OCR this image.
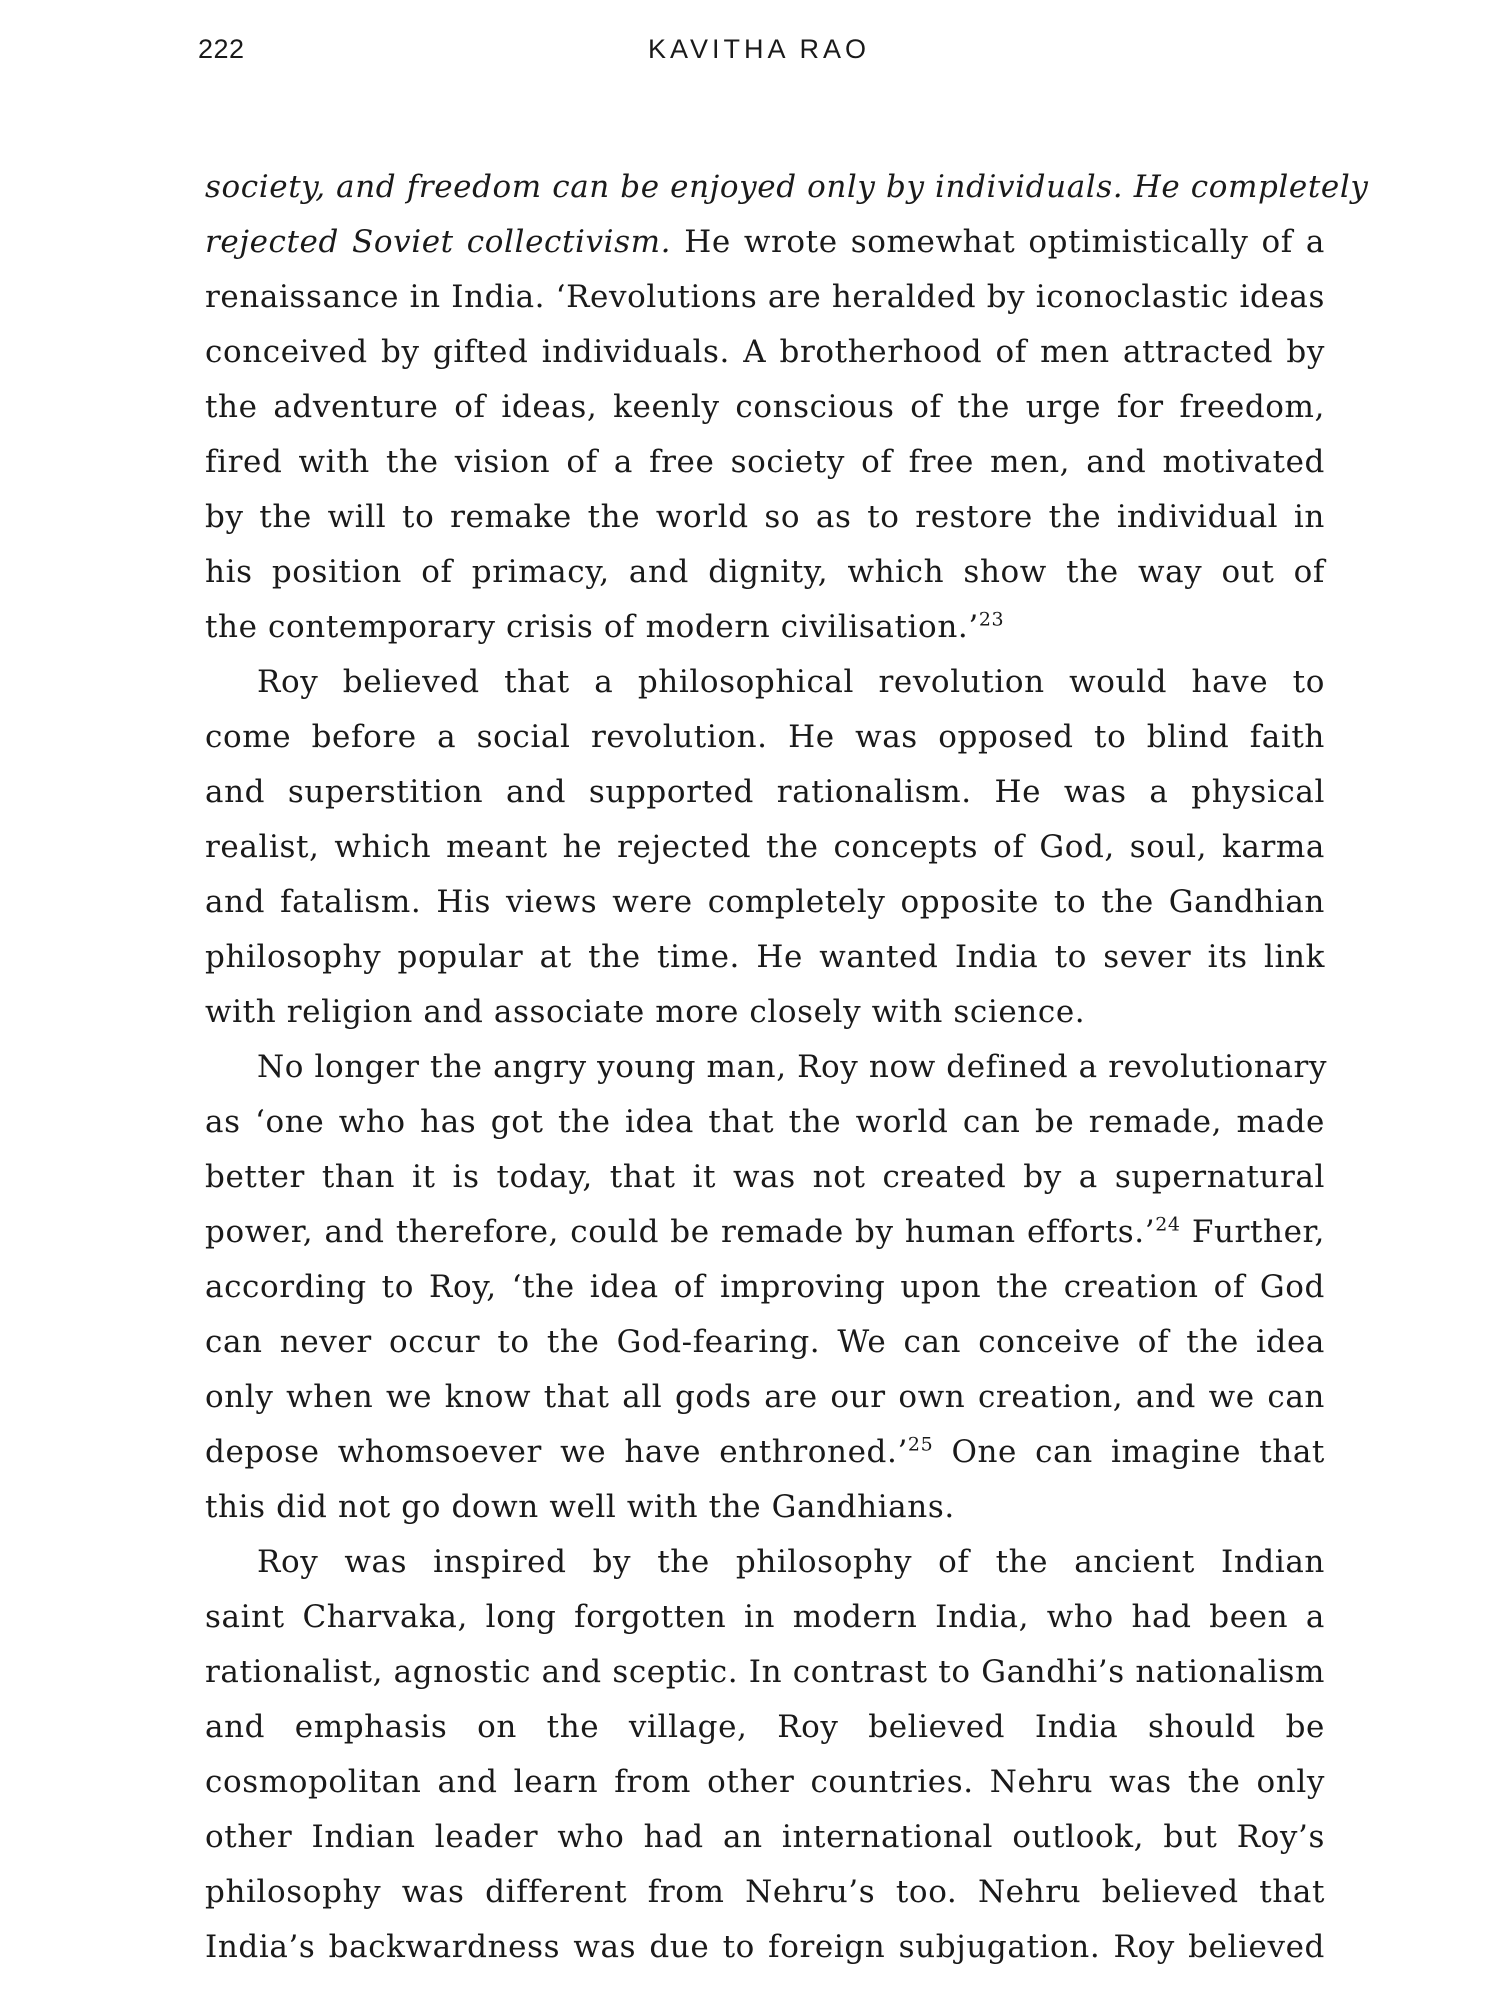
222	KAVITHA RAO
society, and freedom can be enjoyed only by individuals. He completely
rejected Soviet collectivism. He wrote somewhat optimistically of a
renaissance in India. ‘Revolutions are heralded by iconoclastic ideas
conceived by gifted individuals. A brotherhood of men attracted by
the adventure of ideas, keenly conscious of the urge for freedom,
fired with the vision of a free society of free men, and motivated
by the will to remake the world so as to restore the individual in
his position of primacy, and dignity, which show the way out of
the contemporary crisis of modern civilisation.’$^{23}$
Roy believed that a philosophical revolution would have to
come before a social revolution. He was opposed to blind faith
and superstition and supported rationalism. He was a physical
realist, which meant he rejected the concepts of God, soul, karma
and fatalism. His views were completely opposite to the Gandhian
philosophy popular at the time. He wanted India to sever its link
with religion and associate more closely with science.
No longer the angry young man, Roy now defined a revolutionary
as ‘one who has got the idea that the world can be remade, made
better than it is today, that it was not created by a supernatural
power, and therefore, could be remade by human efforts.’$^{24}$ Further,
according to Roy, ‘the idea of improving upon the creation of God
can never occur to the God-fearing. We can conceive of the idea
only when we know that all gods are our own creation, and we can
depose whomsoever we have enthroned.’$^{25}$ One can imagine that
this did not go down well with the Gandhians.
Roy was inspired by the philosophy of the ancient Indian
saint Charvaka, long forgotten in modern India, who had been a
rationalist, agnostic and sceptic. In contrast to Gandhi’s nationalism
and emphasis on the village, Roy believed India should be
cosmopolitan and learn from other countries. Nehru was the only
other Indian leader who had an international outlook, but Roy’s
philosophy was different from Nehru’s too. Nehru believed that
India’s backwardness was due to foreign subjugation. Roy believed
